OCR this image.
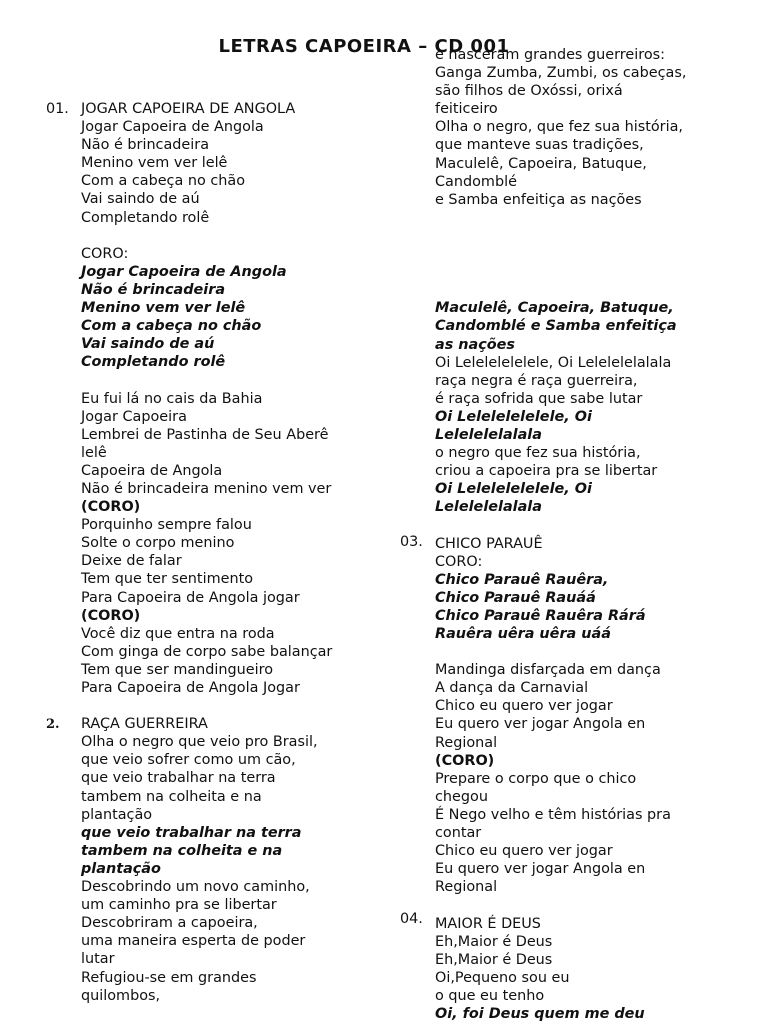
LETRAS CAPOEIRA – CD 001
01.
2.
03.
04.
JOGAR CAPOEIRA DE ANGOLA
Jogar Capoeira de Angola
Não é brincadeira
Menino vem ver lelê
Com a cabeça no chão
Vai saindo de aú
Completando rolê
CORO:
Jogar Capoeira de Angola
Não é brincadeira
Menino vem ver lelê
Com a cabeça no chão
Vai saindo de aú
Completando rolê
Eu fui lá no cais da Bahia
Jogar Capoeira
Lembrei de Pastinha de Seu Aberê
lelê
Capoeira de Angola
Não é brincadeira menino vem ver
(CORO)
Porquinho sempre falou
Solte o corpo menino
Deixe de falar
Tem que ter sentimento
Para Capoeira de Angola jogar
(CORO)
Você diz que entra na roda
Com ginga de corpo sabe balançar
Tem que ser mandingueiro
Para Capoeira de Angola Jogar
RAÇA GUERREIRA
Olha o negro que veio pro Brasil,
que veio sofrer como um cão,
que veio trabalhar na terra
tambem na colheita e na
plantação
que veio trabalhar na terra
tambem na colheita e na
plantação
Descobrindo um novo caminho,
um caminho pra se libertar
Descobriram a capoeira,
uma maneira esperta de poder
lutar
Refugiou-se em grandes
quilombos,
e nasceram grandes guerreiros:
Ganga Zumba, Zumbi, os cabeças,
são filhos de Oxóssi, orixá
feiticeiro
Olha o negro, que fez sua história,
que manteve suas tradições,
Maculelê, Capoeira, Batuque,
Candomblé
e Samba enfeitiça as nações
Maculelê, Capoeira, Batuque,
Candomblé e Samba enfeitiça
as nações
Oi Lelelelelelele, Oi Lelelelelalala
raça negra é raça guerreira,
é raça sofrida que sabe lutar
Oi Lelelelelelele, Oi
Lelelelelalala
o negro que fez sua história,
criou a capoeira pra se libertar
Oi Lelelelelelele, Oi
Lelelelelalala
CHICO PARAUÊ
CORO:
Chico Parauê Rauêra,
Chico Parauê Rauáá
Chico Parauê Rauêra Rárá
Rauêra uêra uêra uáá
Mandinga disfarçada em dança
A dança da Carnavial
Chico eu quero ver jogar
Eu quero ver jogar Angola en
Regional
(CORO)
Prepare o corpo que o chico
chegou
É Nego velho e têm histórias pra
contar
Chico eu quero ver jogar
Eu quero ver jogar Angola en
Regional
MAIOR É DEUS
Eh,Maior é Deus
Eh,Maior é Deus
Oi,Pequeno sou eu
o que eu tenho
Oi, foi Deus quem me deu
